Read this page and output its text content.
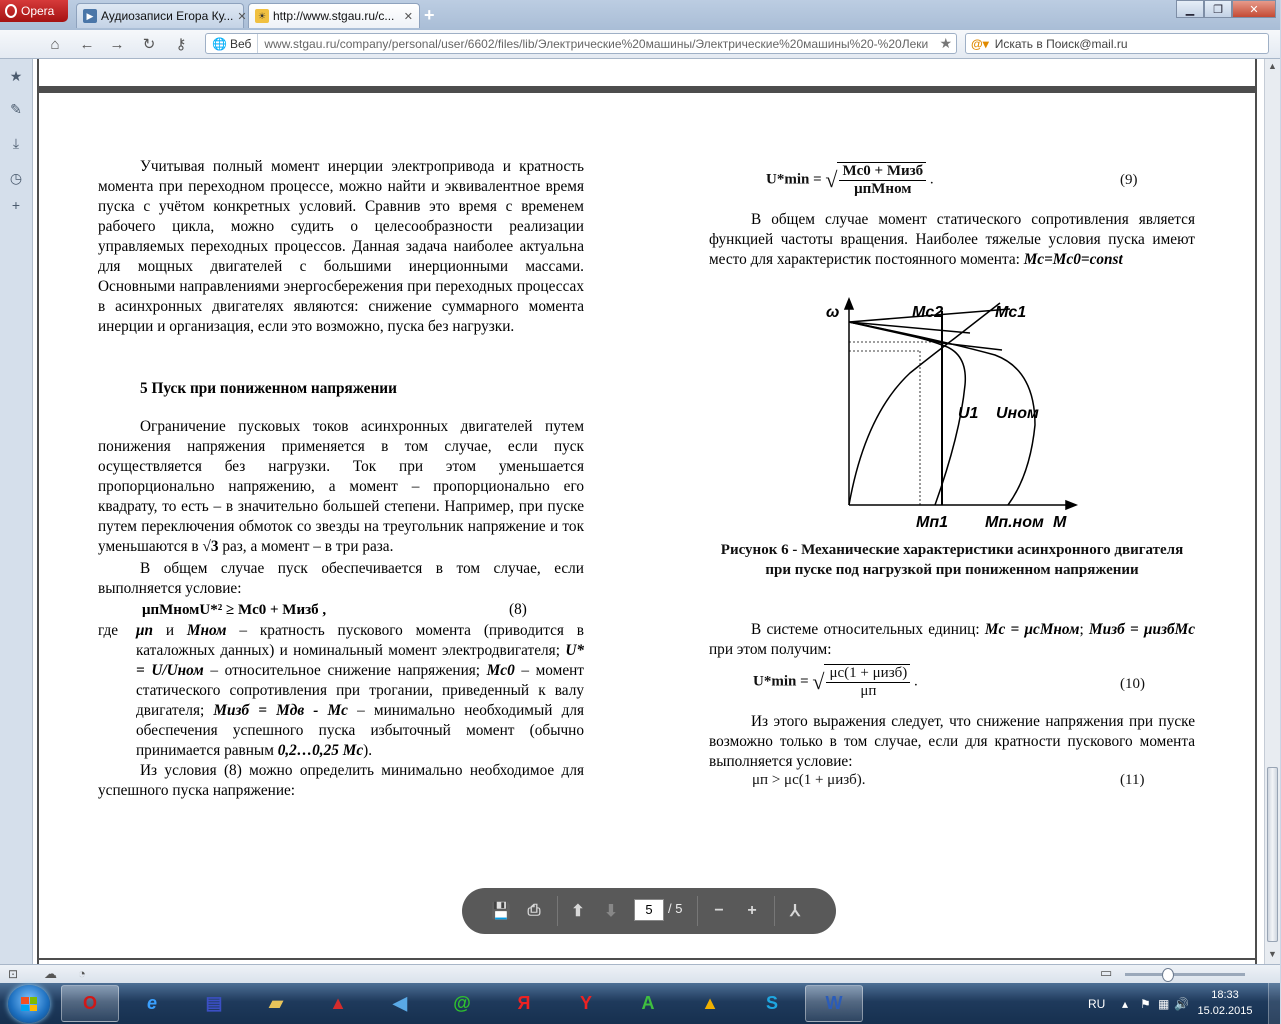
Opera	▶ Аудиозаписи Егора Ку... ✕	☀ http://www.stgau.ru/c... ✕ +	▁	❐	✕
⌂	← →	↻	⚷	🌐 Веб	www.stgau.ru/company/personal/user/6602/files/lib/Электрические%20машины/Электрические%20машины%20-%20Леки ★ @▾ Искать в Поиск@mail.ru
★
✎
⤓
◷
+

Учитывая полный момент инерции электропривода и кратность момента при переходном процессе, можно найти и эквивалентное время пуска с учётом конкретных условий. Сравнив это время с временем рабочего цикла, можно судить о целесообразности реализации управляемых переходных процессов. Данная задача наиболее актуальна для мощных двигателей с большими инерционными массами. Основными направлениями энергосбережения при переходных процессах в асинхронных двигателях являются: снижение суммарного момента инерции и организация, если это возможно, пуска без нагрузки.

5 Пуск при пониженном напряжении

Ограничение пусковых токов асинхронных двигателей путем понижения напряжения применяется в том случае, если пуск осуществляется без нагрузки. Ток при этом уменьшается пропорционально напряжению, а момент – пропорционально его квадрату, то есть – в значительно большей степени. Например, при пуске путем переключения обмоток со звезды на треугольник напряжение и ток уменьшаются в √3 раз, а момент – в три раза.

В общем случае пуск обеспечивается в том случае, если выполняется условие:

μпMномU*² ≥ Mс0 + Mизб ,	(8)
где μп и Mном – кратность пускового момента (приводится в каталожных данных) и номинальный момент электродвигателя; U* = U/Uном – относительное снижение напряжения; Mс0 – момент статического сопротивления при трогании, приведенный к валу двигателя; Mизб = Mдв - Mс – минимально необходимый для обеспечения успешного пуска избыточный момент (обычно принимается равным 0,2…0,25 Mс).

Из условия (8) можно определить минимально необходимое для успешного пуска напряжение:

U*min = √ $\frac{\text{Mс0 + Mизб}}{\text{μпMном}}$ .	(9)

В общем случае момент статического сопротивления является функцией частоты вращения. Наиболее тяжелые условия пуска имеют место для характеристик постоянного момента: Mс=Mс0=const

ω	Mс2	Mс1
U1 Uном
Mп1 Mп.ном M
Рисунок 6 - Механические характеристики асинхронного двигателя при пуске под нагрузкой при пониженном напряжении

В системе относительных единиц: Mс = μсMном; Mизб = μизбMс при этом получим:

U*min = √ $\frac{\text{μс(1 + μизб)}}{\mu п}$ .	(10)

Из этого выражения следует, что снижение напряжения при пуске возможно только в том случае, если для кратности пускового момента выполняется условие:

μп > μс(1 + μизб).	(11)
💾 ⎙ ⬆ ⬇	5	/ 5	−	+	⅄
▲
▼
⊡ ☁ ◔	▭
O	e	▤	▰	▲	◀	@	Я	Y	A	▲	S	W	RU ▴ ⚑ ▦ 🔊
18:33
15.02.2015
